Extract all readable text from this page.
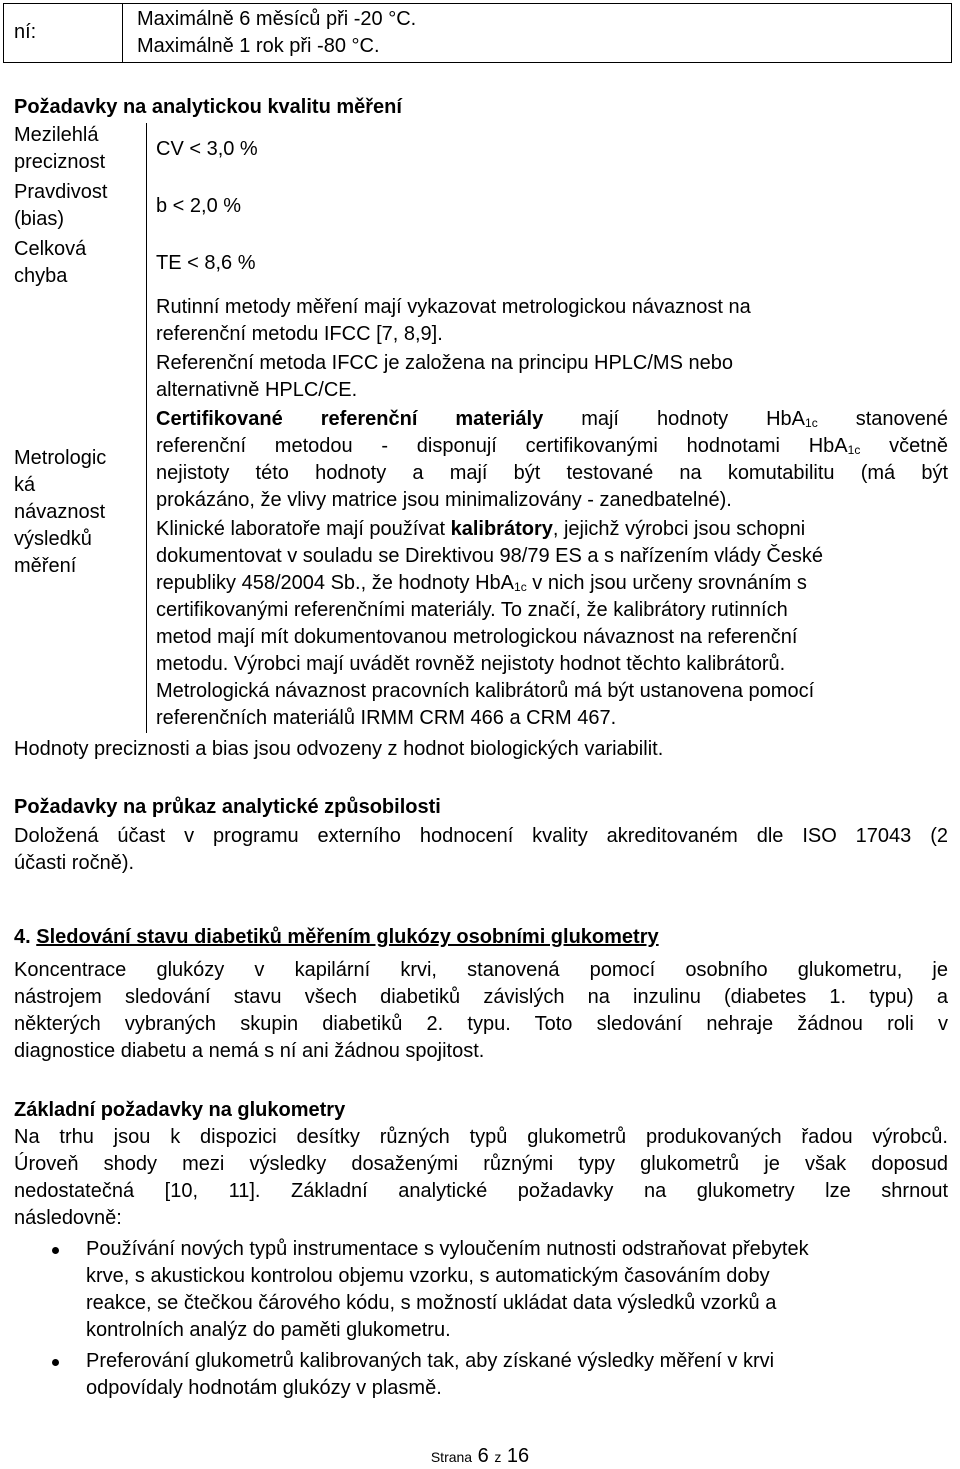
ní:
Maximálně 6 měsíců při -20 °C.
Maximálně 1 rok při -80 °C.
Požadavky na analytickou kvalitu měření
Mezilehlá
preciznost
CV < 3,0 %
Pravdivost
(bias)
b < 2,0 %
Celková
chyba
TE < 8,6 %
Metrologic
ká
návaznost
výsledků
měření
Rutinní metody měření mají vykazovat metrologickou návaznost na
referenční metodu IFCC [7, 8,9].
Referenční metoda IFCC je založena na principu HPLC/MS nebo
alternativně HPLC/CE.
Certifikované referenční materiály mají hodnoty HbA$_{1c}$ stanovené
referenční metodou - disponují certifikovanými hodnotami HbA$_{1c}$ včetně
nejistoty této hodnoty a mají být testované na komutabilitu (má být
prokázáno, že vlivy matrice jsou minimalizovány - zanedbatelné).
Klinické laboratoře mají používat kalibrátory, jejichž výrobci jsou schopni
dokumentovat v souladu se Direktivou 98/79 ES a s nařízením vlády České
republiky 458/2004 Sb., že hodnoty HbA$_{1c}$ v nich jsou určeny srovnáním s
certifikovanými referenčními materiály. To značí, že kalibrátory rutinních
metod mají mít dokumentovanou metrologickou návaznost na referenční
metodu. Výrobci mají uvádět rovněž nejistoty hodnot těchto kalibrátorů.
Metrologická návaznost pracovních kalibrátorů má být ustanovena pomocí
referenčních materiálů IRMM CRM 466 a CRM 467.
Hodnoty preciznosti a bias jsou odvozeny z hodnot biologických variabilit.
Požadavky na průkaz analytické způsobilosti
Doložená účast v programu externího hodnocení kvality akreditovaném dle ISO 17043 (2
účasti ročně).
4. Sledování stavu diabetiků měřením glukózy osobními glukometry
Koncentrace glukózy v kapilární krvi, stanovená pomocí osobního glukometru, je
nástrojem sledování stavu všech diabetiků závislých na inzulinu (diabetes 1. typu) a
některých vybraných skupin diabetiků 2. typu. Toto sledování nehraje žádnou roli v
diagnostice diabetu a nemá s ní ani žádnou spojitost.
Základní požadavky na glukometry
Na trhu jsou k dispozici desítky různých typů glukometrů produkovaných řadou výrobců.
Úroveň shody mezi výsledky dosaženými různými typy glukometrů je však doposud
nedostatečná [10, 11]. Základní analytické požadavky na glukometry lze shrnout
následovně:
Používání nových typů instrumentace s vyloučením nutnosti odstraňovat přebytek
krve, s akustickou kontrolou objemu vzorku, s automatickým časováním doby
reakce, se čtečkou čárového kódu, s možností ukládat data výsledků vzorků a
kontrolních analýz do paměti glukometru.
Preferování glukometrů kalibrovaných tak, aby získané výsledky měření v krvi
odpovídaly hodnotám glukózy v plasmě.
Strana 6 z 16
